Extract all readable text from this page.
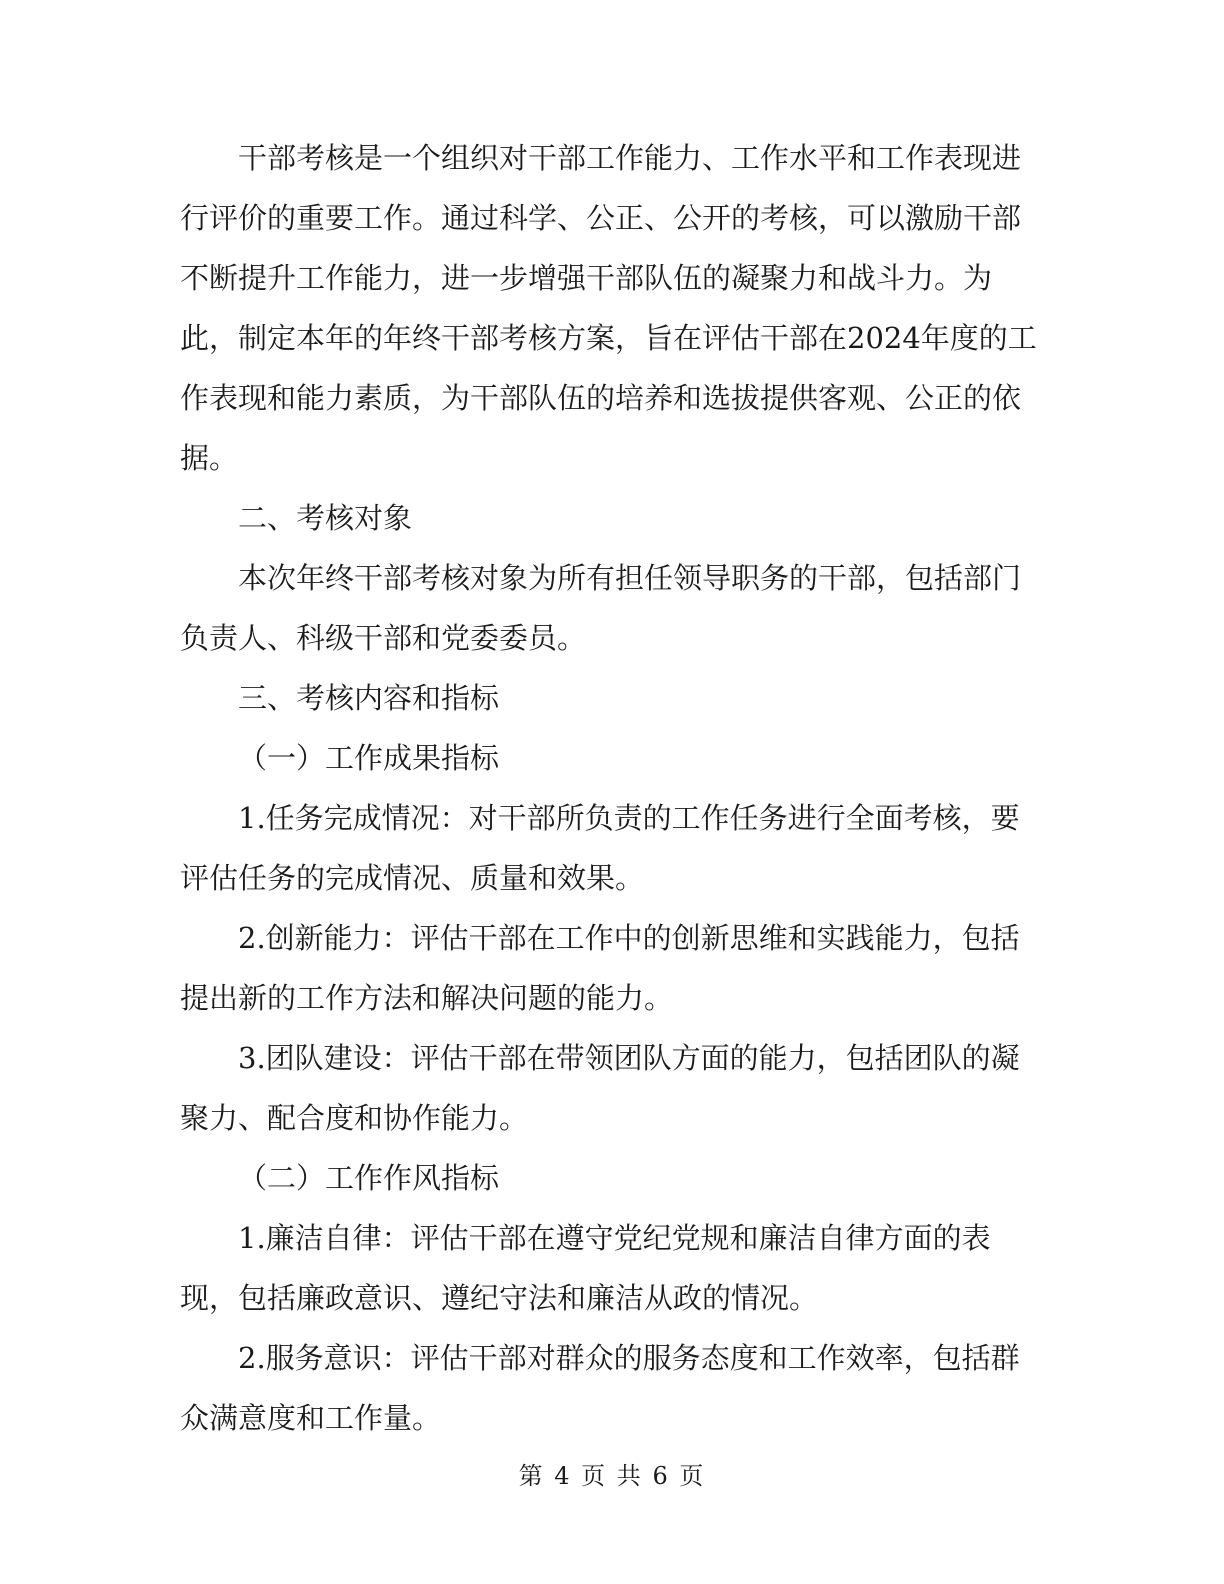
干部考核是一个组织对干部工作能力、工作水平和工作表现进行评价的重要工作。通过科学、公正、公开的考核，可以激励干部不断提升工作能力，进一步增强干部队伍的凝聚力和战斗力。为此，制定本年的年终干部考核方案，旨在评估干部在2024年度的工作表现和能力素质，为干部队伍的培养和选拔提供客观、公正的依据。

二、考核对象

本次年终干部考核对象为所有担任领导职务的干部，包括部门负责人、科级干部和党委委员。

三、考核内容和指标

（一）工作成果指标

1.任务完成情况：对干部所负责的工作任务进行全面考核，要评估任务的完成情况、质量和效果。

2.创新能力：评估干部在工作中的创新思维和实践能力，包括提出新的工作方法和解决问题的能力。

3.团队建设：评估干部在带领团队方面的能力，包括团队的凝聚力、配合度和协作能力。

（二）工作作风指标

1.廉洁自律：评估干部在遵守党纪党规和廉洁自律方面的表现，包括廉政意识、遵纪守法和廉洁从政的情况。

2.服务意识：评估干部对群众的服务态度和工作效率，包括群众满意度和工作量。

第 4 页 共 6 页
